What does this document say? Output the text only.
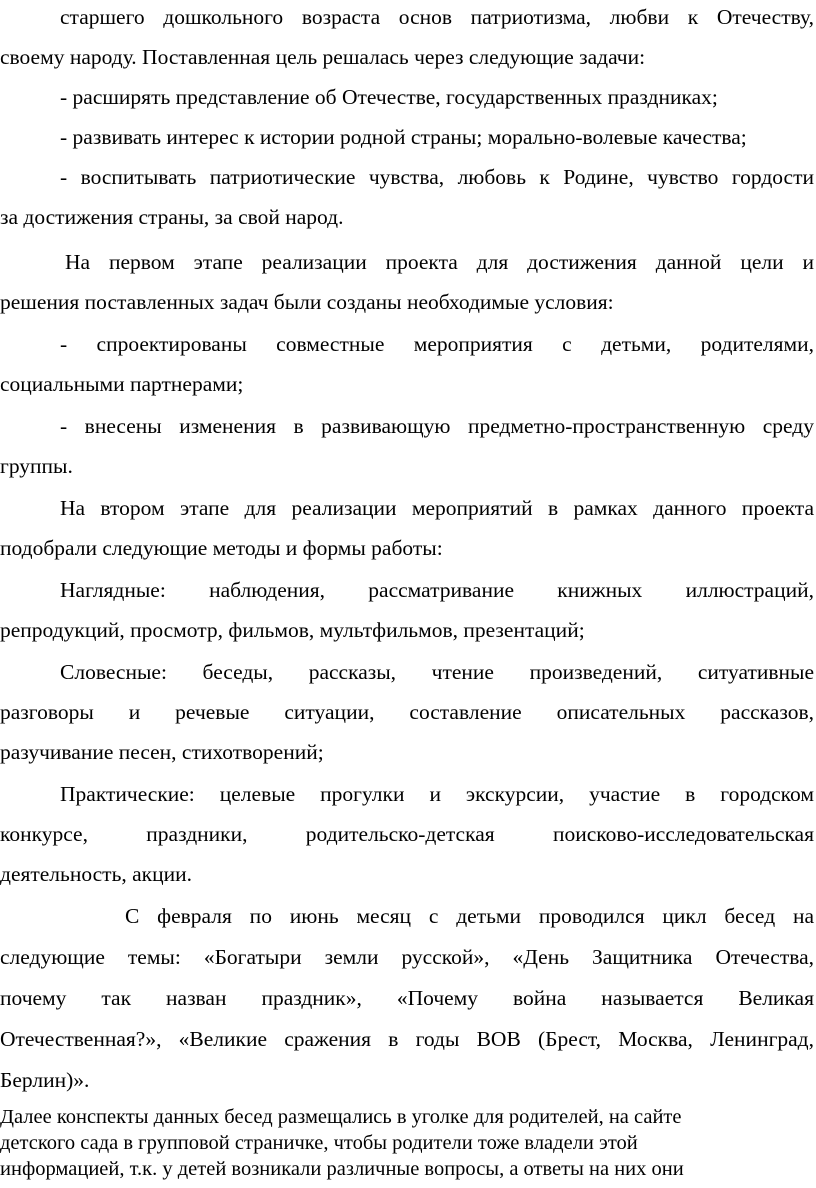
старшего дошкольного возраста основ патриотизма, любви к Отечеству,
своему народу. Поставленная цель решалась через следующие задачи:
- расширять представление об Отечестве, государственных праздниках;
- развивать интерес к истории родной страны; морально-волевые качества;
- воспитывать патриотические чувства, любовь к Родине, чувство гордости
за достижения страны, за свой народ.
На первом этапе реализации проекта для достижения данной цели и
решения поставленных задач были созданы необходимые условия:
- спроектированы совместные мероприятия с детьми, родителями,
социальными партнерами;
- внесены изменения в развивающую предметно-пространственную среду
группы.
На втором этапе для реализации мероприятий в рамках данного проекта
подобрали следующие методы и формы работы:
Наглядные: наблюдения, рассматривание книжных иллюстраций,
репродукций, просмотр, фильмов, мультфильмов, презентаций;
Словесные: беседы, рассказы, чтение произведений, ситуативные
разговоры и речевые ситуации, составление описательных рассказов,
разучивание песен, стихотворений;
Практические: целевые прогулки и экскурсии, участие в городском
конкурсе, праздники, родительско-детская поисково-исследовательская
деятельность, акции.
С февраля по июнь месяц с детьми проводился цикл бесед на
следующие темы: «Богатыри земли русской», «День Защитника Отечества,
почему так назван праздник», «Почему война называется Великая
Отечественная?», «Великие сражения в годы ВОВ (Брест, Москва, Ленинград,
Берлин)».
Далее конспекты данных бесед размещались в уголке для родителей, на сайте
детского сада в групповой страничке, чтобы родители тоже владели этой
информацией, т.к. у детей возникали различные вопросы, а ответы на них они
